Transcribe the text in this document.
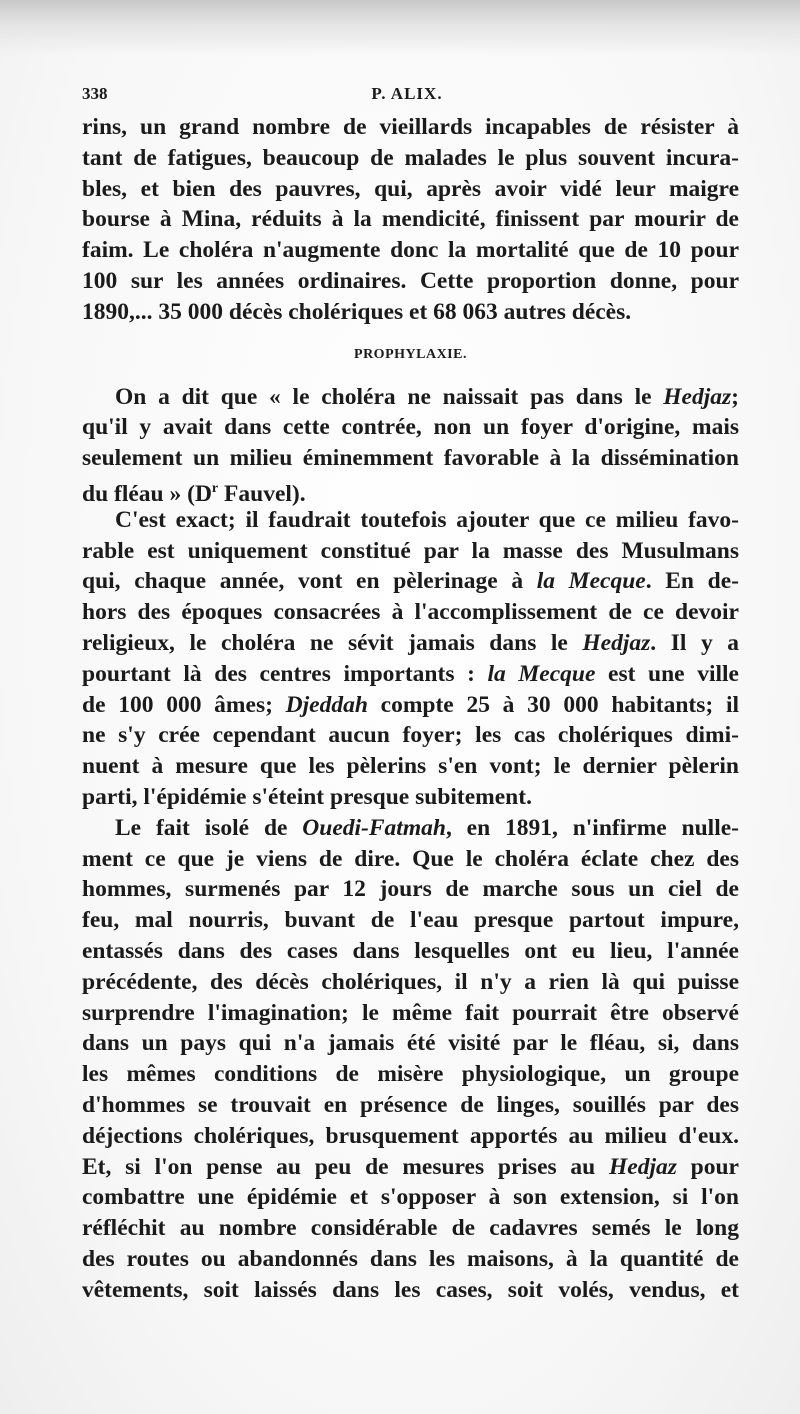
338	P. ALIX.
rins, un grand nombre de vieillards incapables de résister à
tant de fatigues, beaucoup de malades le plus souvent incura-
bles, et bien des pauvres, qui, après avoir vidé leur maigre
bourse à Mina, réduits à la mendicité, finissent par mourir de
faim. Le choléra n'augmente donc la mortalité que de 10 pour
100 sur les années ordinaires. Cette proportion donne, pour
1890,... 35 000 décès cholériques et 68 063 autres décès.
PROPHYLAXIE.
On a dit que « le choléra ne naissait pas dans le Hedjaz;
qu'il y avait dans cette contrée, non un foyer d'origine, mais
seulement un milieu éminemment favorable à la dissémination
du fléau » ($D^r$ Fauvel).
C'est exact; il faudrait toutefois ajouter que ce milieu favo-
rable est uniquement constitué par la masse des Musulmans
qui, chaque année, vont en pèlerinage à la Mecque. En de-
hors des époques consacrées à l'accomplissement de ce devoir
religieux, le choléra ne sévit jamais dans le Hedjaz. Il y a
pourtant là des centres importants : la Mecque est une ville
de 100 000 âmes; Djeddah compte 25 à 30 000 habitants; il
ne s'y crée cependant aucun foyer; les cas cholériques dimi-
nuent à mesure que les pèlerins s'en vont; le dernier pèlerin
parti, l'épidémie s'éteint presque subitement.
Le fait isolé de Ouedi-Fatmah, en 1891, n'infirme nulle-
ment ce que je viens de dire. Que le choléra éclate chez des
hommes, surmenés par 12 jours de marche sous un ciel de
feu, mal nourris, buvant de l'eau presque partout impure,
entassés dans des cases dans lesquelles ont eu lieu, l'année
précédente, des décès cholériques, il n'y a rien là qui puisse
surprendre l'imagination; le même fait pourrait être observé
dans un pays qui n'a jamais été visité par le fléau, si, dans
les mêmes conditions de misère physiologique, un groupe
d'hommes se trouvait en présence de linges, souillés par des
déjections cholériques, brusquement apportés au milieu d'eux.
Et, si l'on pense au peu de mesures prises au Hedjaz pour
combattre une épidémie et s'opposer à son extension, si l'on
réfléchit au nombre considérable de cadavres semés le long
des routes ou abandonnés dans les maisons, à la quantité de
vêtements, soit laissés dans les cases, soit volés, vendus, et
